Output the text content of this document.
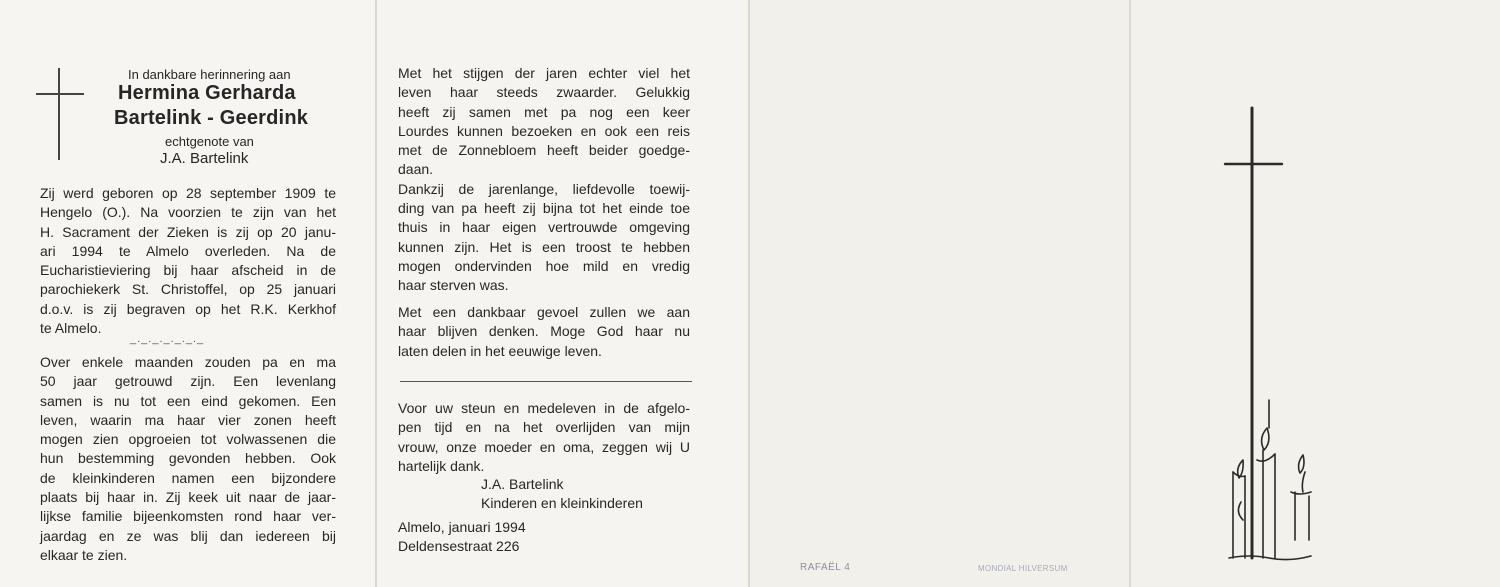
In dankbare herinnering aan
Hermina Gerharda
Bartelink - Geerdink
echtgenote van
J.A. Bartelink
Zij werd geboren op 28 september 1909 te
Hengelo (O.). Na voorzien te zijn van het
H. Sacrament der Zieken is zij op 20 janu-
ari 1994 te Almelo overleden. Na de
Eucharistieviering bij haar afscheid in de
parochiekerk St. Christoffel, op 25 januari
d.o.v. is zij begraven op het R.K. Kerkhof
te Almelo.
_._._._._._._
Over enkele maanden zouden pa en ma
50 jaar getrouwd zijn. Een levenlang
samen is nu tot een eind gekomen. Een
leven, waarin ma haar vier zonen heeft
mogen zien opgroeien tot volwassenen die
hun bestemming gevonden hebben. Ook
de kleinkinderen namen een bijzondere
plaats bij haar in. Zij keek uit naar de jaar-
lijkse familie bijeenkomsten rond haar ver-
jaardag en ze was blij dan iedereen bij
elkaar te zien.
Met het stijgen der jaren echter viel het
leven haar steeds zwaarder. Gelukkig
heeft zij samen met pa nog een keer
Lourdes kunnen bezoeken en ook een reis
met de Zonnebloem heeft beider goedge-
daan.
Dankzij de jarenlange, liefdevolle toewij-
ding van pa heeft zij bijna tot het einde toe
thuis in haar eigen vertrouwde omgeving
kunnen zijn. Het is een troost te hebben
mogen ondervinden hoe mild en vredig
haar sterven was.
Met een dankbaar gevoel zullen we aan
haar blijven denken. Moge God haar nu
laten delen in het eeuwige leven.
Voor uw steun en medeleven in de afgelo-
pen tijd en na het overlijden van mijn
vrouw, onze moeder en oma, zeggen wij U
hartelijk dank.
J.A. Bartelink
Kinderen en kleinkinderen
Almelo, januari 1994
Deldensestraat 226
RAFAËL 4	MONDIAL HILVERSUM
